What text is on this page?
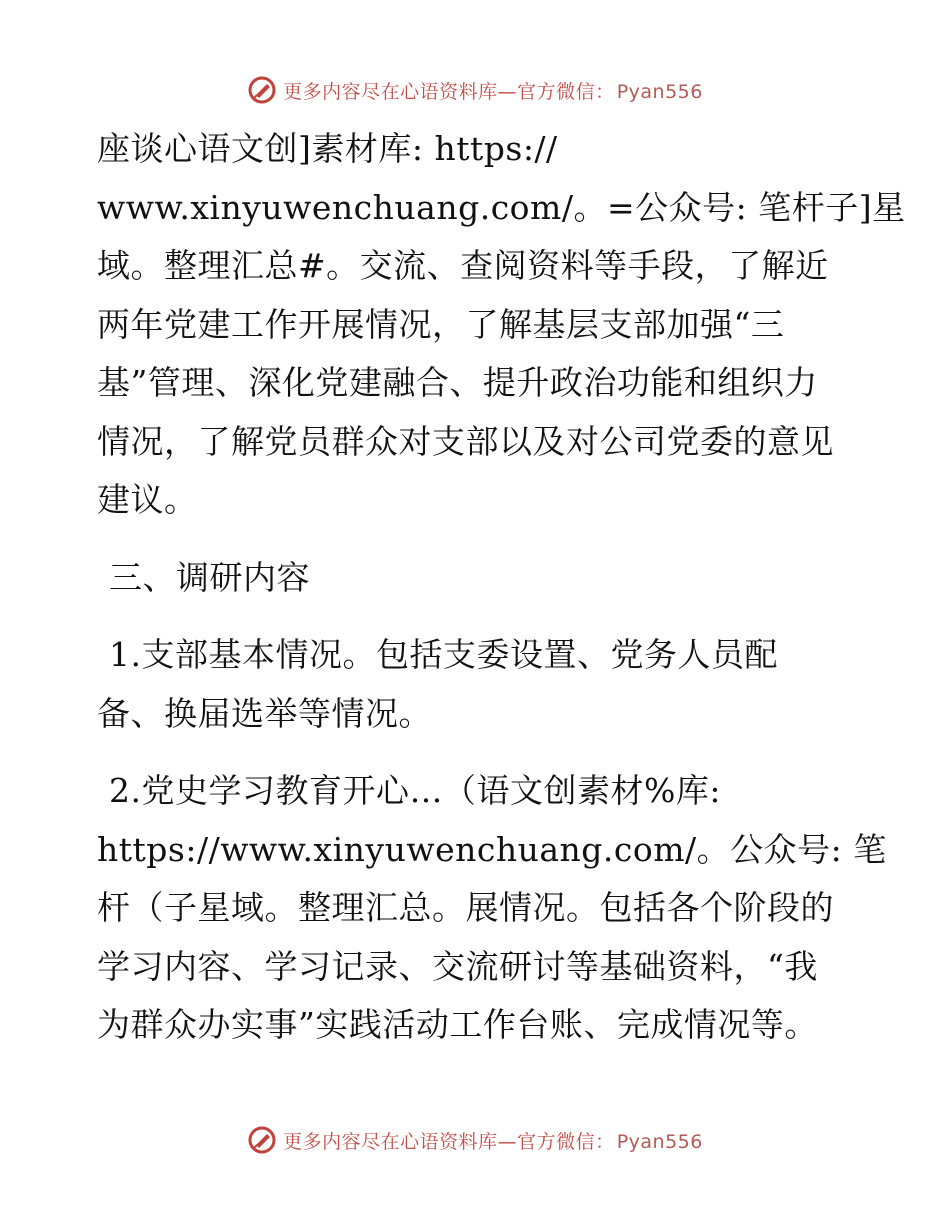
更多内容尽在心语资料库—官方微信： Pyan556
座谈心语文创]素材库: https://
www.xinyuwenchuang.com/。=公众号: 笔杆子]星
域。整理汇总#。交流、查阅资料等手段，了解近
两年党建工作开展情况，了解基层支部加强“三
基”管理、深化党建融合、提升政治功能和组织力
情况，了解党员群众对支部以及对公司党委的意见
建议。
三、调研内容
1.支部基本情况。包括支委设置、党务人员配
备、换届选举等情况。
2.党史学习教育开心…（语文创素材%库:
https://www.xinyuwenchuang.com/。公众号: 笔
杆（子星域。整理汇总。展情况。包括各个阶段的
学习内容、学习记录、交流研讨等基础资料，“我
为群众办实事”实践活动工作台账、完成情况等。
更多内容尽在心语资料库—官方微信： Pyan556
